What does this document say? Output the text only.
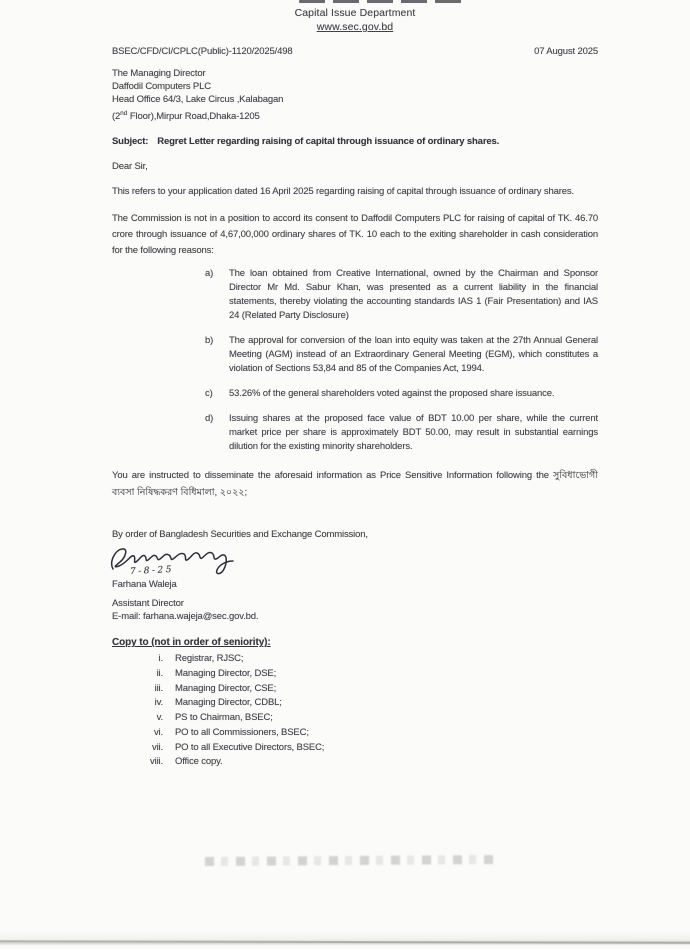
Capital Issue Department
www.sec.gov.bd
BSEC/CFD/CI/CPLC(Public)-1120/2025/498	07 August 2025
The Managing Director
Daffodil Computers PLC
Head Office 64/3, Lake Circus ,Kalabagan
(2nd Floor),Mirpur Road,Dhaka-1205
Subject: Regret Letter regarding raising of capital through issuance of ordinary shares.
Dear Sir,
This refers to your application dated 16 April 2025 regarding raising of capital through issuance of ordinary shares.
The Commission is not in a position to accord its consent to Daffodil Computers PLC for raising of capital of TK. 46.70 crore through issuance of 4,67,00,000 ordinary shares of TK. 10 each to the exiting shareholder in cash consideration for the following reasons:
a)	The loan obtained from Creative International, owned by the Chairman and Sponsor Director Mr Md. Sabur Khan, was presented as a current liability in the financial statements, thereby violating the accounting standards IAS 1 (Fair Presentation) and IAS 24 (Related Party Disclosure)
b)	The approval for conversion of the loan into equity was taken at the 27th Annual General Meeting (AGM) instead of an Extraordinary General Meeting (EGM), which constitutes a violation of Sections 53,84 and 85 of the Companies Act, 1994.
c)	53.26% of the general shareholders voted against the proposed share issuance.
d)	Issuing shares at the proposed face value of BDT 10.00 per share, while the current market price per share is approximately BDT 50.00, may result in substantial earnings dilution for the existing minority shareholders.
You are instructed to disseminate the aforesaid information as Price Sensitive Information following the সুবিধাভোগী ব্যবসা নিষিদ্ধকরণ বিধিমালা, ২০২২;
By order of Bangladesh Securities and Exchange Commission,
7-8-25
Farhana Waleja
Assistant Director
E-mail: farhana.wajeja@sec.gov.bd.
Copy to (not in order of seniority):
i.	Registrar, RJSC;
ii.	Managing Director, DSE;
iii.	Managing Director, CSE;
iv.	Managing Director, CDBL;
v.	PS to Chairman, BSEC;
vi.	PO to all Commissioners, BSEC;
vii.	PO to all Executive Directors, BSEC;
viii.	Office copy.
